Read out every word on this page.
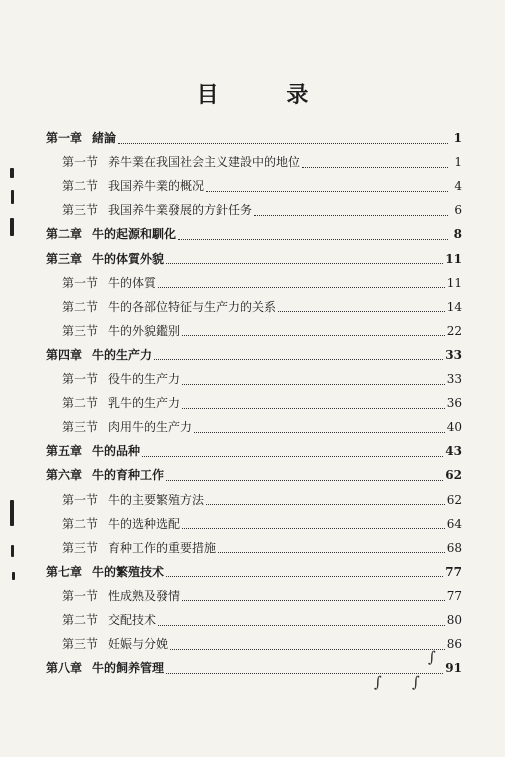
目 录
第一章 緒論	1
第一节 养牛業在我国社会主义建設中的地位	1
第二节 我国养牛業的概况	4
第三节 我国养牛業發展的方針任务	6
第二章 牛的起源和馴化	8
第三章 牛的体質外貌	11
第一节 牛的体質	11
第二节 牛的各部位特征与生产力的关系	14
第三节 牛的外貌鑑别	22
第四章 牛的生产力	33
第一节 役牛的生产力	33
第二节 乳牛的生产力	36
第三节 肉用牛的生产力	40
第五章 牛的品种	43
第六章 牛的育种工作	62
第一节 牛的主要繁殖方法	62
第二节 牛的选种选配	64
第三节 育种工作的重要措施	68
第七章 牛的繁殖技术	77
第一节 性成熟及發情	77
第二节 交配技术	80
第三节 妊娠与分娩	86
第八章 牛的飼养管理	91
∫
∫ ∫
